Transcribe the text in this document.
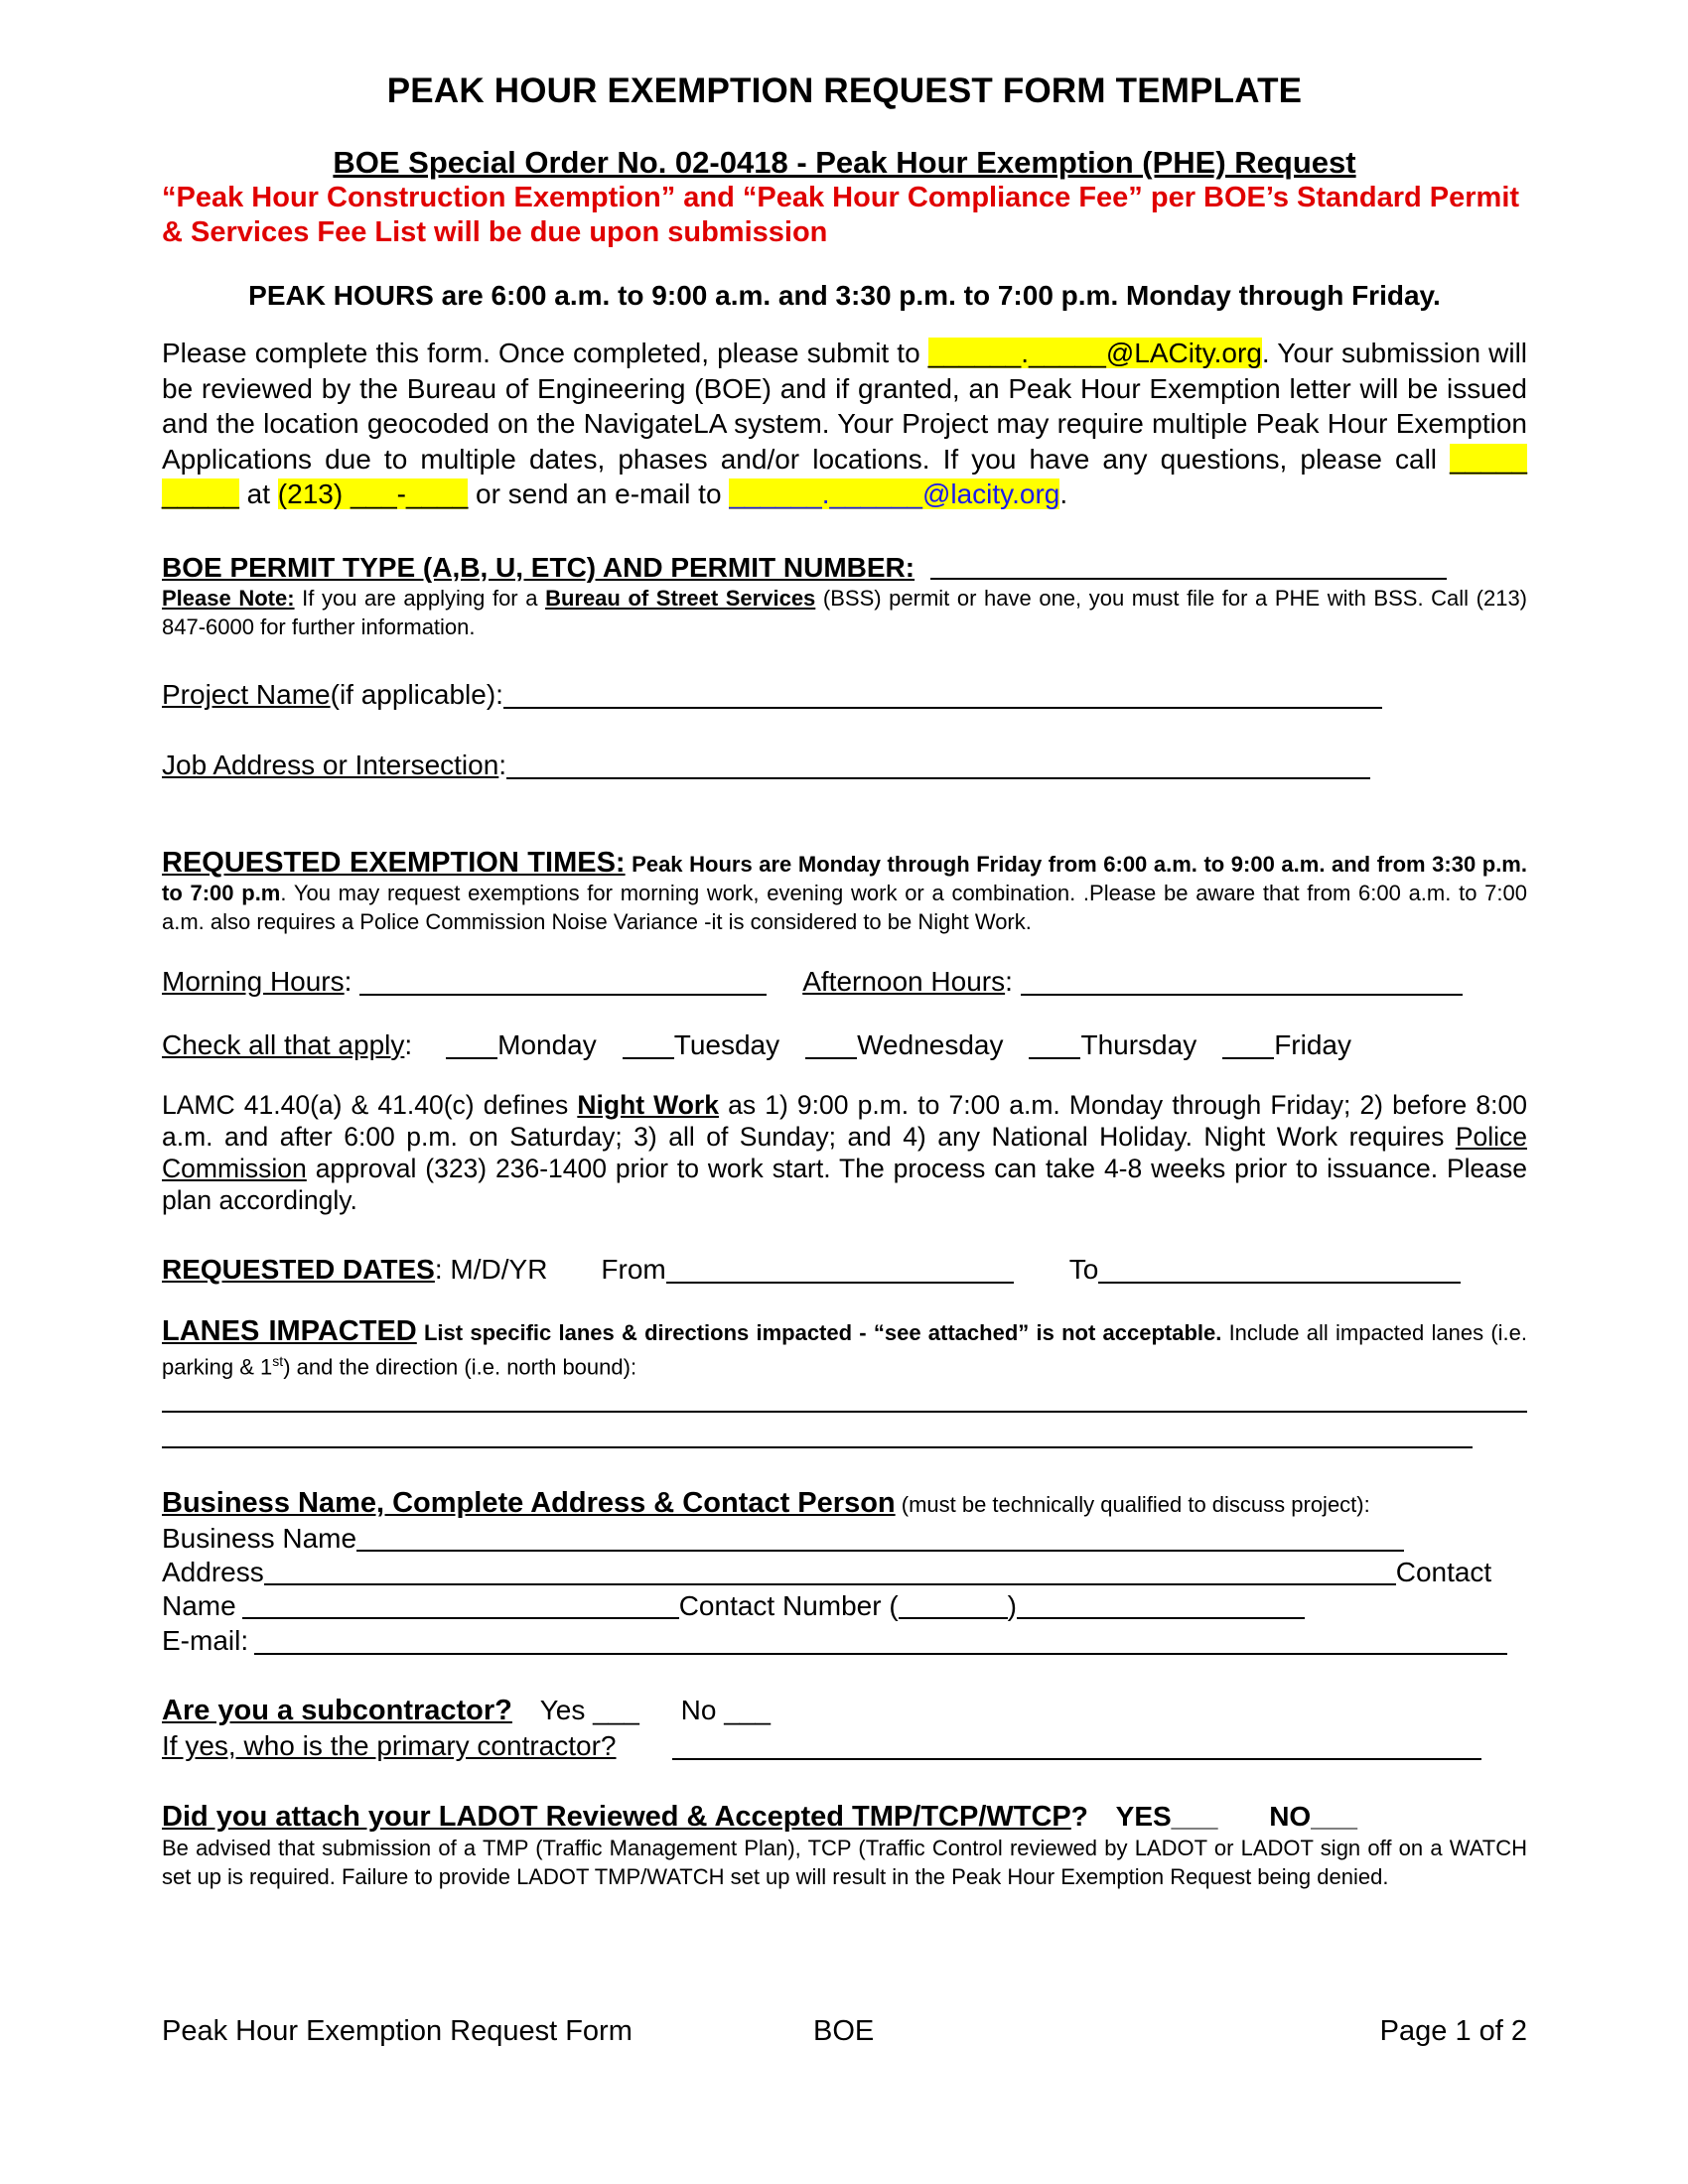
PEAK HOUR EXEMPTION REQUEST FORM TEMPLATE
BOE Special Order No. 02-0418 - Peak Hour Exemption (PHE) Request
“Peak Hour Construction Exemption” and “Peak Hour Compliance Fee” per BOE’s Standard Permit & Services Fee List will be due upon submission
PEAK HOURS are 6:00 a.m. to 9:00 a.m. and 3:30 p.m. to 7:00 p.m. Monday through Friday.

Please complete this form. Once completed, please submit to ______._____@LACity.org. Your submission will be reviewed by the Bureau of Engineering (BOE) and if granted, an Peak Hour Exemption letter will be issued and the location geocoded on the NavigateLA system. Your Project may require multiple Peak Hour Exemption Applications due to multiple dates, phases and/or locations. If you have any questions, please call _____ _____ at (213) ___-____ or send an e-mail to ______.______@lacity.org.

BOE PERMIT TYPE (A,B, U, ETC) AND PERMIT NUMBER:

Please Note: If you are applying for a Bureau of Street Services (BSS) permit or have one, you must file for a PHE with BSS. Call (213) 847-6000 for further information.

Project Name (if applicable):
Job Address or Intersection :

REQUESTED EXEMPTION TIMES: Peak Hours are Monday through Friday from 6:00 a.m. to 9:00 a.m. and from 3:30 p.m. to 7:00 p.m. You may request exemptions for morning work, evening work or a combination. .Please be aware that from 6:00 a.m. to 7:00 a.m. also requires a Police Commission Noise Variance -it is considered to be Night Work.

Morning Hours :	Afternoon Hours :
Check all that apply :	Monday	Tuesday	Wednesday	Thursday	Friday

LAMC 41.40(a) & 41.40(c) defines Night Work as 1) 9:00 p.m. to 7:00 a.m. Monday through Friday; 2) before 8:00 a.m. and after 6:00 p.m. on Saturday; 3) all of Sunday; and 4) any National Holiday. Night Work requires Police Commission approval (323) 236-1400 prior to work start. The process can take 4-8 weeks prior to issuance. Please plan accordingly.

REQUESTED DATES : M/D/YR From	To

LANES IMPACTED List specific lanes & directions impacted - “see attached” is not acceptable. Include all impacted lanes (i.e. parking & 1st) and the direction (i.e. north bound):

Business Name, Complete Address & Contact Person (must be technically qualified to discuss project):
Business Name
Address	Contact
Name	Contact Number (	)
E-mail:
Are you a subcontractor? Yes ___ No ___
If yes, who is the primary contractor?
Did you attach your LADOT Reviewed & Accepted TMP/TCP/WTCP? YES___ NO___

Be advised that submission of a TMP (Traffic Management Plan), TCP (Traffic Control reviewed by LADOT or LADOT sign off on a WATCH set up is required. Failure to provide LADOT TMP/WATCH set up will result in the Peak Hour Exemption Request being denied.

Peak Hour Exemption Request Form	BOE	Page 1 of 2
